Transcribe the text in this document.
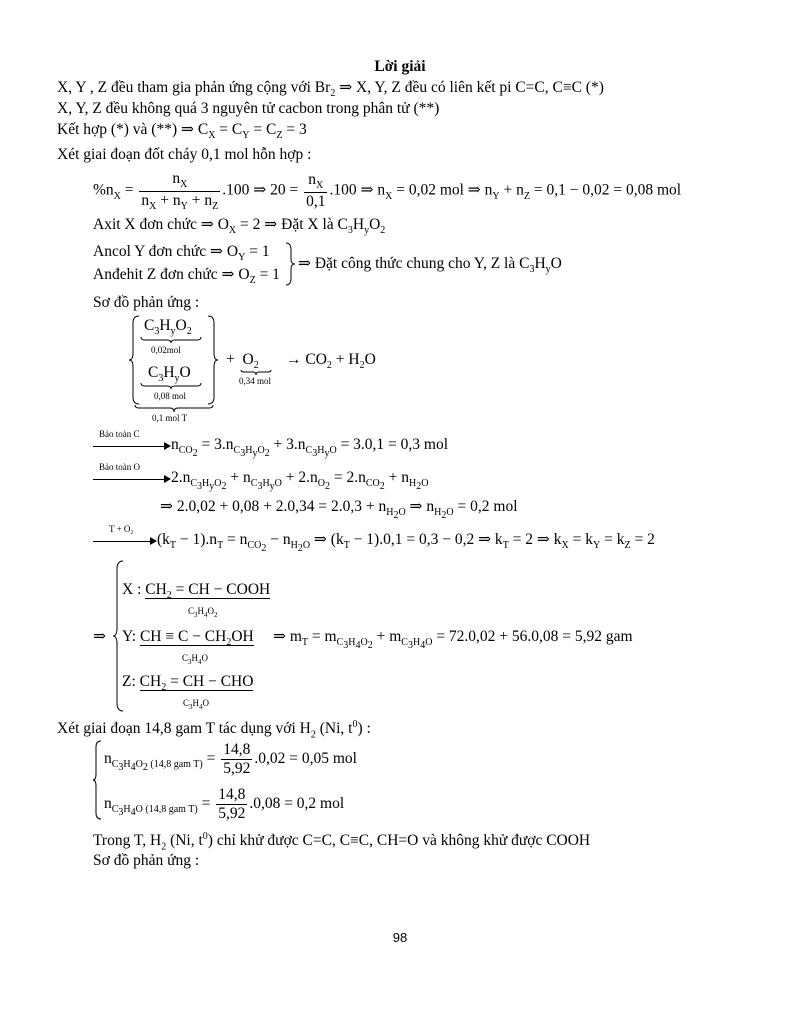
Lời giải
X, Y , Z đều tham gia phản ứng cộng với $Br_2$ ⇒ X, Y, Z đều có liên kết pi C=C, C≡C (*)
X, Y, Z đều không quá 3 nguyên tử cacbon trong phân tử (**)
Kết hợp (*) và (**) ⇒ $C_X = C_Y = C_Z = 3$
Xét giai đoạn đốt cháy 0,1 mol hỗn hợp :
$\%n_X = \frac{n_X}{n_X + n_Y + n_Z} .100$ ⇒ $20 = \frac{n_X}{0,1} .100$ ⇒ $n_X = 0,02$ mol ⇒ $n_Y + n_Z = 0,1 - 0,02 = 0,08$ mol
Axit X đơn chức ⇒ $O_X = 2$ ⇒ Đặt X là $C_3H_yO_2$
Ancol Y đơn chức ⇒ $O_Y = 1$
Anđehit Z đơn chức ⇒ $O_Z = 1$
⇒ Đặt công thức chung cho Y, Z là $C_3H_yO$
Sơ đồ phản ứng :
$C_3H_yO_2$
0,02mol
$C_3H_yO$
0,08 mol
0,1 mol T
+  $O_2$
0,34 mol
→ $CO_2 + H_2O$
Bảo toàn C
$n_{CO_2} = 3.n_{C_3H_yO_2} + 3.n_{C_3H_yO} = 3.0,1 = 0,3$ mol
Bảo toàn O
$2.n_{C_3H_yO_2} + n_{C_3H_yO} + 2.n_{O_2} = 2.n_{CO_2} + n_{H_2O}$
⇒ $2.0,02 + 0,08 + 2.0,34 = 2.0,3 + n_{H_2O}$ ⇒ $n_{H_2O} = 0,2$ mol
T + O₂
$(k_T - 1).n_T = n_{CO_2} - n_{H_2O}$ ⇒ $(k_T - 1).0,1 = 0,3 - 0,2$ ⇒ $k_T = 2$ ⇒ $k_X = k_Y = k_Z = 2$
⇒
X : $CH_2$ = CH − COOH
$C_3H_4O_2$
Y: CH ≡ $C - CH_2OH$
$C_3H_4O$
Z: $CH_2$ = CH − CHO
$C_3H_4O$
⇒ $m_T = m_{C_3H_4O_2} + m_{C_3H_4O} = 72.0,02 + 56.0,08 = 5,92$ gam
Xét giai đoạn 14,8 gam T tác dụng với $H_2$ (Ni, $t^0$) :
$n_{C_3H_4O_2 (14,8 gam T)} = \frac{14,8}{5,92} .0,02 = 0,05$ mol
$n_{C_3H_4O (14,8 gam T)} = \frac{14,8}{5,92} .0,08 = 0,2$ mol
Trong T, $H_2$ (Ni, $t^0$) chỉ khử được C=C, C≡C, CH=O và không khử được COOH
Sơ đồ phản ứng :
98
